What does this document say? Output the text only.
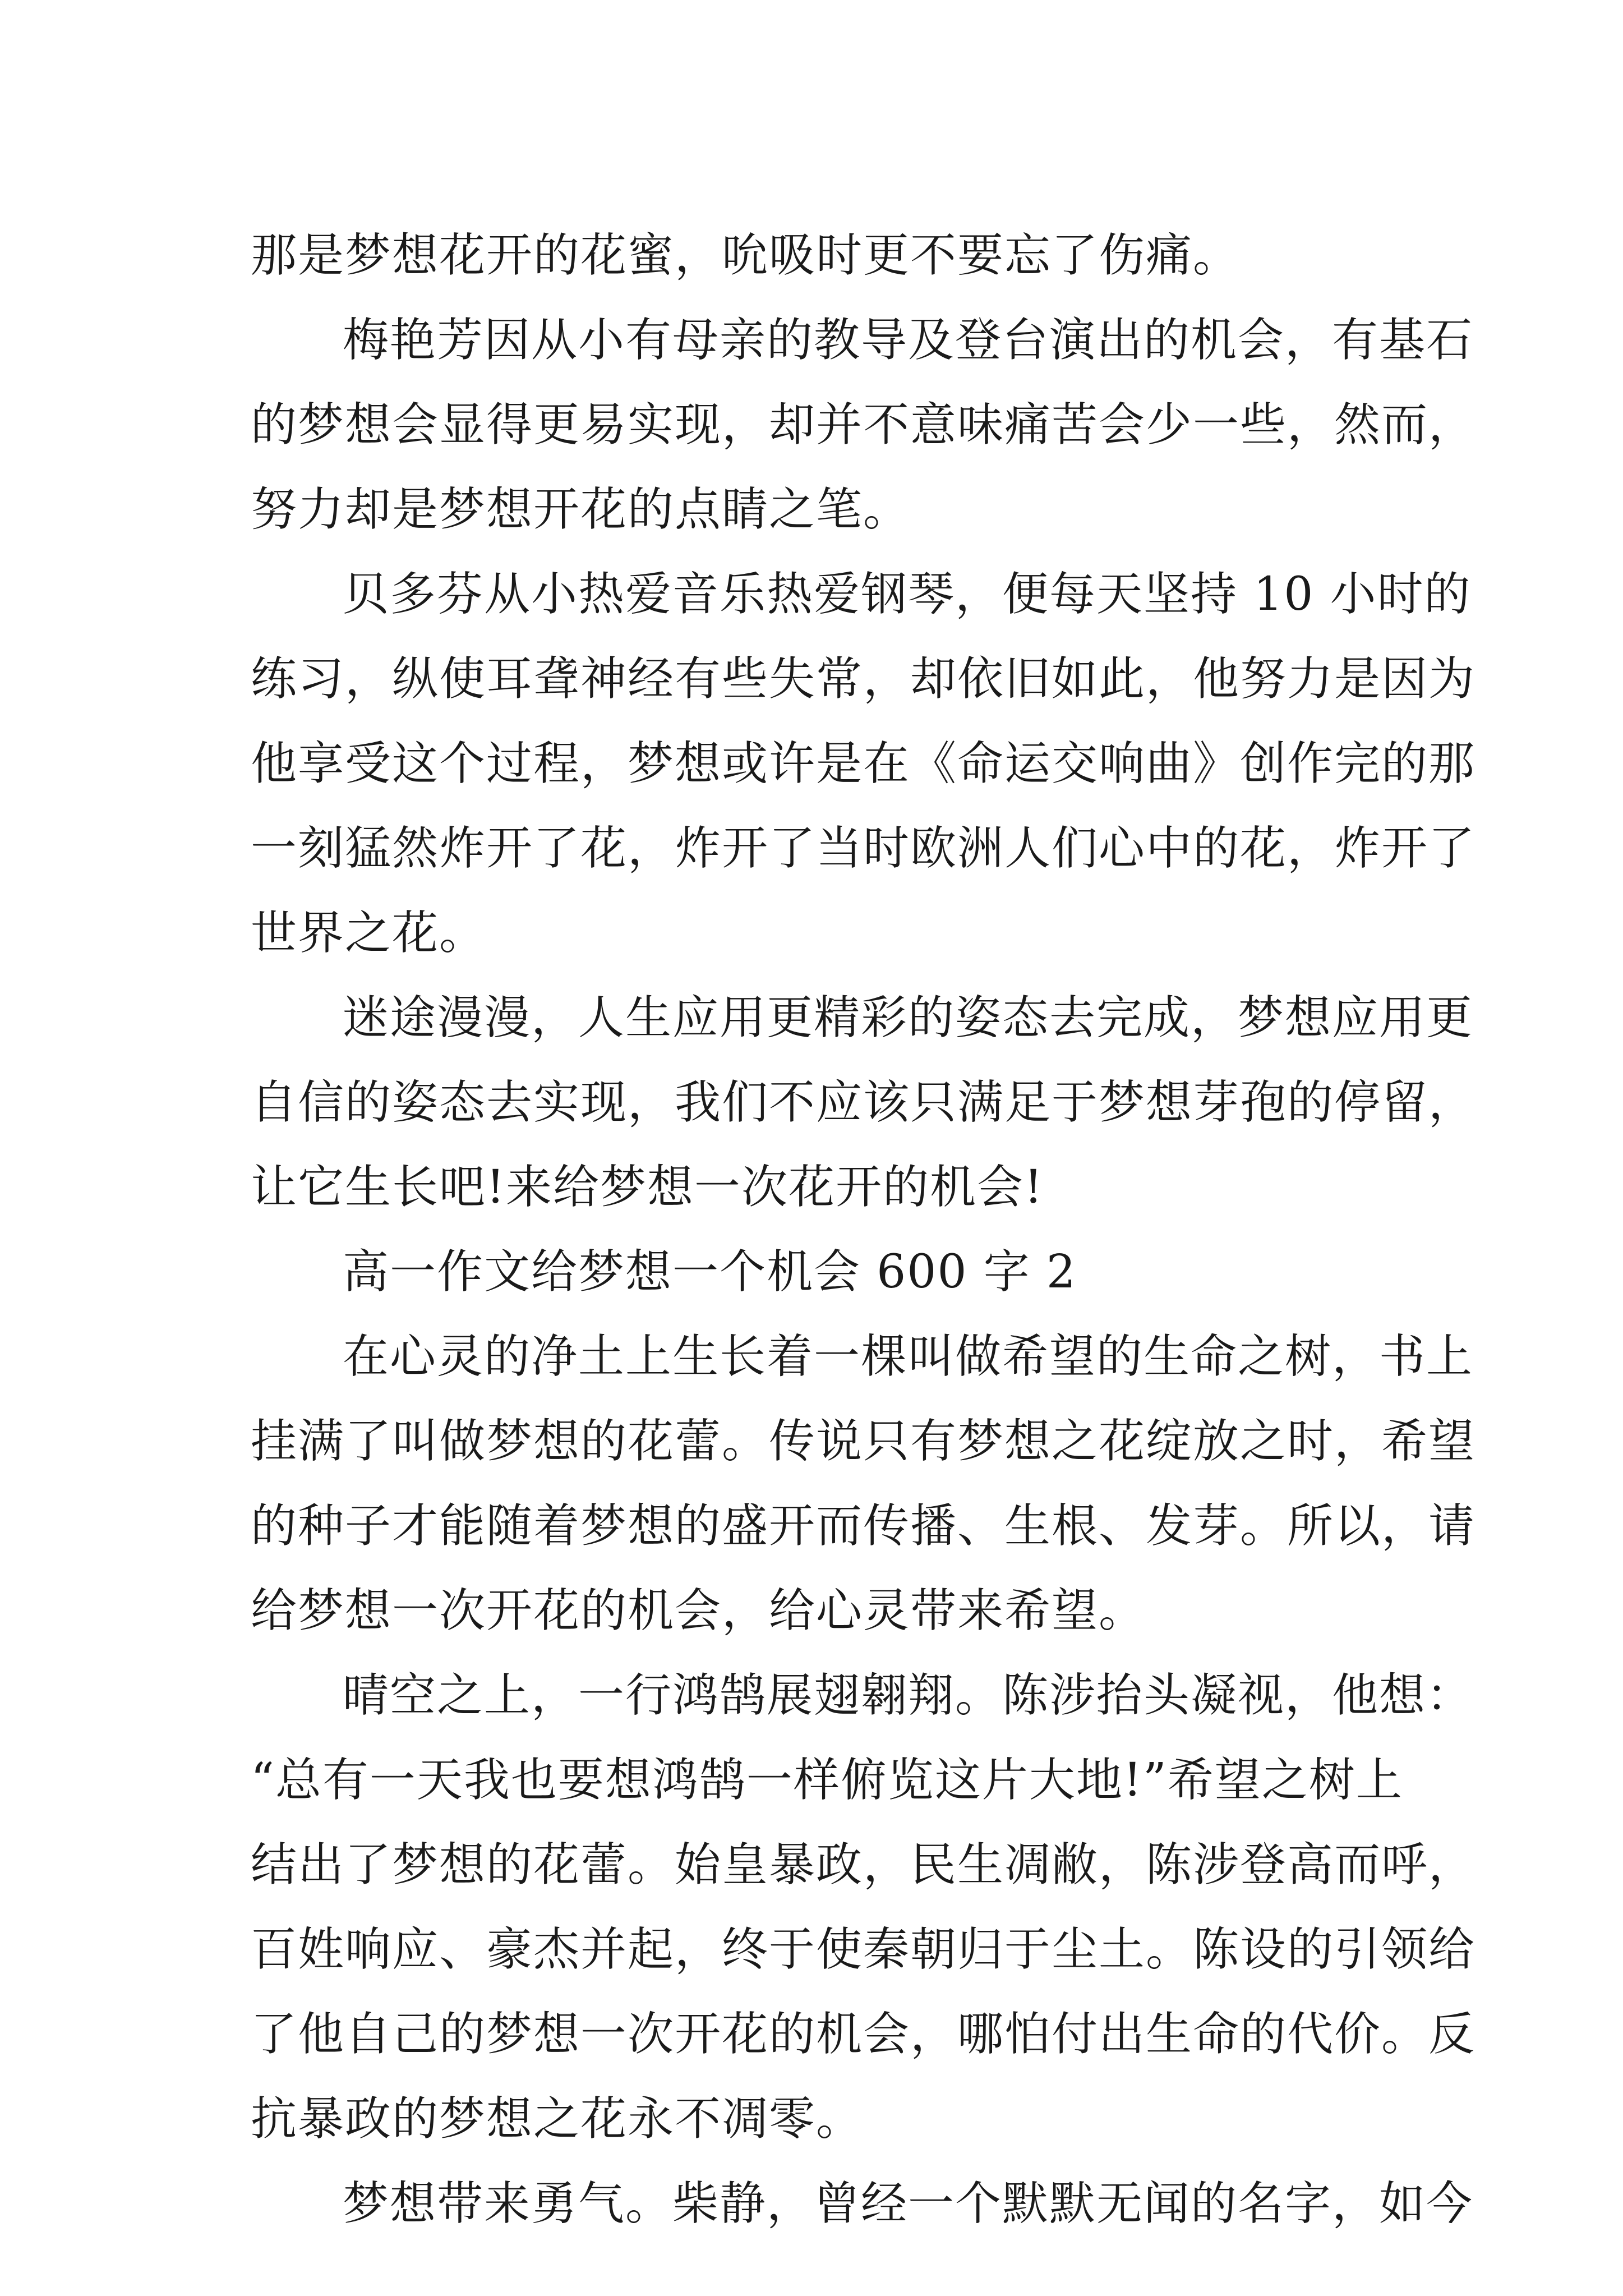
那是梦想花开的花蜜，吮吸时更不要忘了伤痛。
梅艳芳因从小有母亲的教导及登台演出的机会，有基石
的梦想会显得更易实现，却并不意味痛苦会少一些，然而，
努力却是梦想开花的点睛之笔。
贝多芬从小热爱音乐热爱钢琴，便每天坚持 10 小时的
练习，纵使耳聋神经有些失常，却依旧如此，他努力是因为
他享受这个过程，梦想或许是在《命运交响曲》创作完的那
一刻猛然炸开了花，炸开了当时欧洲人们心中的花，炸开了
世界之花。
迷途漫漫，人生应用更精彩的姿态去完成，梦想应用更
自信的姿态去实现，我们不应该只满足于梦想芽孢的停留，
让它生长吧!来给梦想一次花开的机会!
高一作文给梦想一个机会 600 字 2
在心灵的净土上生长着一棵叫做希望的生命之树，书上
挂满了叫做梦想的花蕾。传说只有梦想之花绽放之时，希望
的种子才能随着梦想的盛开而传播、生根、发芽。所以，请
给梦想一次开花的机会，给心灵带来希望。
晴空之上，一行鸿鹄展翅翱翔。陈涉抬头凝视，他想：
“总有一天我也要想鸿鹄一样俯览这片大地!”希望之树上
结出了梦想的花蕾。始皇暴政，民生凋敝，陈涉登高而呼，
百姓响应、豪杰并起，终于使秦朝归于尘土。陈设的引领给
了他自己的梦想一次开花的机会，哪怕付出生命的代价。反
抗暴政的梦想之花永不凋零。
梦想带来勇气。柴静，曾经一个默默无闻的名字，如今
